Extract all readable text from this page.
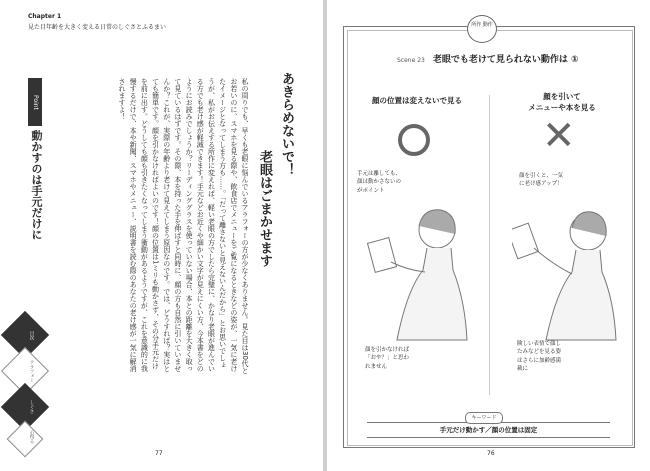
Chapter 1
見た目年齢を大きく変える日常のしぐさとふるまい
あきらめないで！
老眼はごまかせます
私の周りでも、早くも老眼に悩んでいるアラフォーの方が少なくありません。見た目は30代とお若いのに、スマホを見る際や、飲食店でメニューをご覧になるときなどの姿が、一気に老けたイメージとなってしまう方も……。「だって離さないと見えないんだから」とお思いでしょうが、私がお伝えする所作に変えれば、軽い老眼の方でしたら完璧に、かなり老眼が進んでいる方でも老け感が軽減できます！手元などお近くや細かい文字が見えにくい方、今本書をどのようにお読みでしょうか？リーディンググラスを使っていない場合、本との距離を大きく取って見ているはずです。その際、本を持った手を伸ばすと同時に、顔の方も自然に引いていませんか？これが、実際の年齢より老けて見えてしまう原因なのです。では、どうすれば？実はとても簡単です。顔を引かなければよいのです！顔の位置は1ミリも動かさず、その分手元だけを前に出す。どうしても顔も引きたくなってしまう衝動があるようですが、これを意識的に我慢するだけで、本や新聞、スマホやメニュー、説明書を読む際のあなたの老け感が一気に解消されますよ！
Point
動かすのは手元だけに
目次
アラフォー
しぐさ
心得る
77
所作 動作
Scene 23 老眼でも老けて見られない動作は ①
顔の位置は変えないで見る	顔を引いて
メニューや本を見る
✕
手元は離しても、
顔は動かさないの
がポイント
顔を引くと、一気
に老け感アップ！
顔を引かなければ
「おや？」と思わ
れません
険しい表情で顔し
たみなどを見る姿
はさらに加齢感満
載に
手元だけ動かす／顔の位置は固定
キーワード
76
